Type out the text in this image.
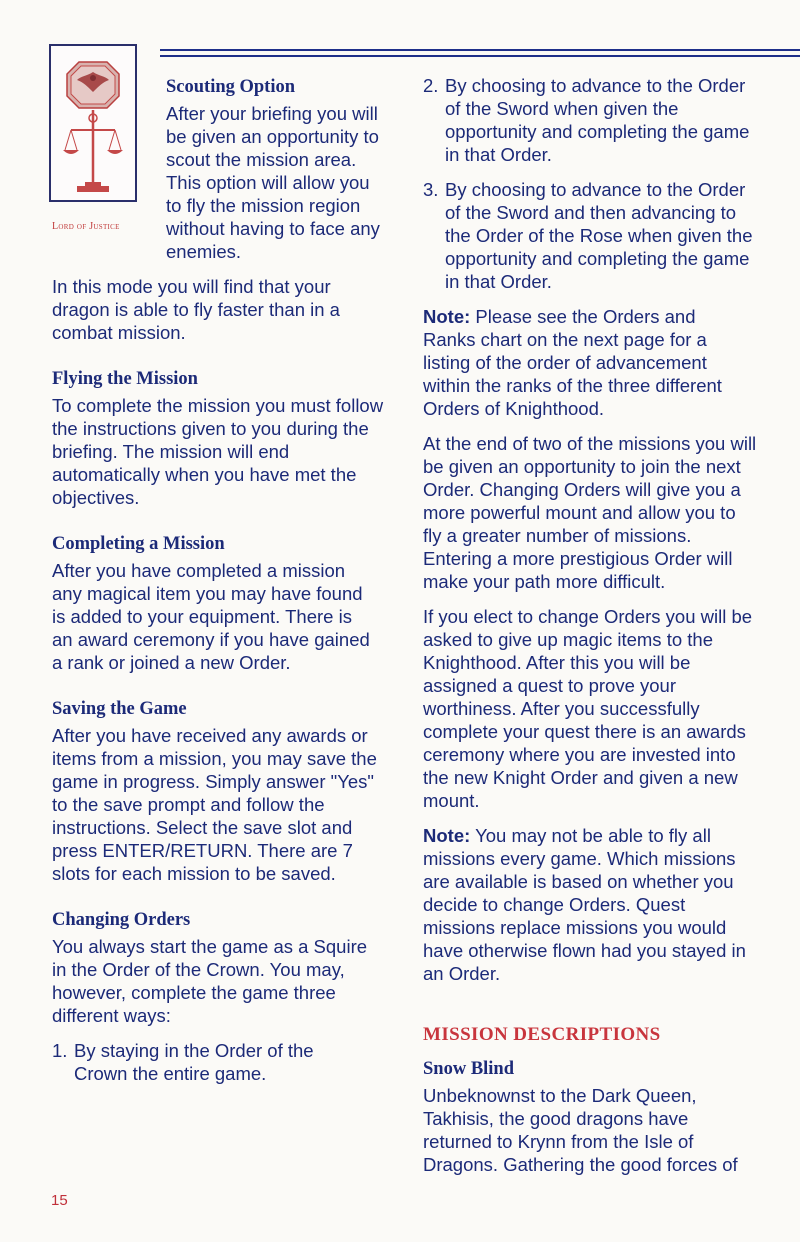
Lord of Justice
Scouting Option

After your briefing you will be given an opportunity to scout the mission area. This option will allow you to fly the mission region without having to face any enemies.

In this mode you will find that your dragon is able to fly faster than in a combat mission.

Flying the Mission

To complete the mission you must follow the instructions given to you during the briefing. The mission will end automatically when you have met the objectives.

Completing a Mission

After you have completed a mission any magical item you may have found is added to your equipment. There is an award ceremony if you have gained a rank or joined a new Order.

Saving the Game

After you have received any awards or items from a mission, you may save the game in progress. Simply answer "Yes" to the save prompt and follow the instructions. Select the save slot and press ENTER/RETURN. There are 7 slots for each mission to be saved.

Changing Orders

You always start the game as a Squire in the Order of the Crown. You may, however, complete the game three different ways:

1. By staying in the Order of the Crown the entire game.
2. By choosing to advance to the Order of the Sword when given the opportunity and completing the game in that Order.
3. By choosing to advance to the Order of the Sword and then advancing to the Order of the Rose when given the opportunity and completing the game in that Order.

Note: Please see the Orders and Ranks chart on the next page for a listing of the order of advancement within the ranks of the three different Orders of Knighthood.

At the end of two of the missions you will be given an opportunity to join the next Order. Changing Orders will give you a more powerful mount and allow you to fly a greater number of missions. Entering a more prestigious Order will make your path more difficult.

If you elect to change Orders you will be asked to give up magic items to the Knighthood. After this you will be assigned a quest to prove your worthiness. After you successfully complete your quest there is an awards ceremony where you are invested into the new Knight Order and given a new mount.

Note: You may not be able to fly all missions every game. Which missions are available is based on whether you decide to change Orders. Quest missions replace missions you would have otherwise flown had you stayed in an Order.

MISSION DESCRIPTIONS
Snow Blind

Unbeknownst to the Dark Queen, Takhisis, the good dragons have returned to Krynn from the Isle of Dragons. Gathering the good forces of

15
